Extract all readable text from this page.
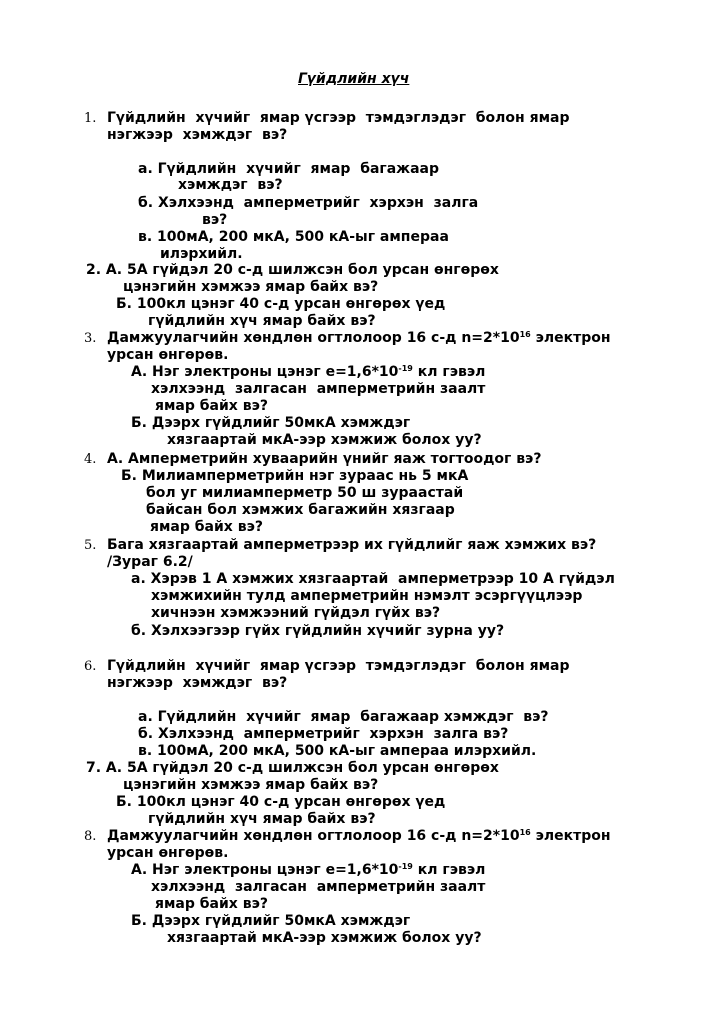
Гүйдлийн хүч
1. Гүйдлийн  хүчийг  ямар үсгээр  тэмдэглэдэг  болон ямар
нэгжээр  хэмждэг  вэ?
а. Гүйдлийн  хүчийг  ямар  багажаар
хэмждэг  вэ?
б. Хэлхээнд  амперметрийг  хэрхэн  залга
вэ?
в. 100мА, 200 мкА, 500 кА-ыг ампераа
илэрхийл.
2. А. 5А гүйдэл 20 с-д шилжсэн бол урсан өнгөрөх
цэнэгийн хэмжээ ямар байх вэ?
Б. 100кл цэнэг 40 с-д урсан өнгөрөх үед
гүйдлийн хүч ямар байх вэ?
3. Дамжуулагчийн хөндлөн огтлолоор 16 с-д $n=2*10^{16}$ электрон
урсан өнгөрөв.
А. Нэг электроны цэнэг $е=1,6*10^{-19}$ кл гэвэл
хэлхээнд  залгасан  амперметрийн заалт
ямар байх вэ?
Б. Дээрх гүйдлийг 50мкА хэмждэг
хязгаартай мкА-ээр хэмжиж болох уу?
4. А. Амперметрийн хуваарийн үнийг яаж тогтоодог вэ?
Б. Милиамперметрийн нэг зураас нь 5 мкА
бол уг милиамперметр 50 ш зураастай
байсан бол хэмжих багажийн хязгаар
ямар байх вэ?
5. Бага хязгаартай амперметрээр их гүйдлийг яаж хэмжих вэ?
/Зураг 6.2/
а. Хэрэв 1 А хэмжих хязгаартай  амперметрээр 10 А гүйдэл
хэмжихийн тулд амперметрийн нэмэлт эсэргүүцлээр
хичнээн хэмжээний гүйдэл гүйх вэ?
б. Хэлхээгээр гүйх гүйдлийн хүчийг зурна уу?
6. Гүйдлийн  хүчийг  ямар үсгээр  тэмдэглэдэг  болон ямар
нэгжээр  хэмждэг  вэ?
а. Гүйдлийн  хүчийг  ямар  багажаар хэмждэг  вэ?
б. Хэлхээнд  амперметрийг  хэрхэн  залга вэ?
в. 100мА, 200 мкА, 500 кА-ыг ампераа илэрхийл.
7. А. 5А гүйдэл 20 с-д шилжсэн бол урсан өнгөрөх
цэнэгийн хэмжээ ямар байх вэ?
Б. 100кл цэнэг 40 с-д урсан өнгөрөх үед
гүйдлийн хүч ямар байх вэ?
8. Дамжуулагчийн хөндлөн огтлолоор 16 с-д $n=2*10^{16}$ электрон
урсан өнгөрөв.
А. Нэг электроны цэнэг $е=1,6*10^{-19}$ кл гэвэл
хэлхээнд  залгасан  амперметрийн заалт
ямар байх вэ?
Б. Дээрх гүйдлийг 50мкА хэмждэг
хязгаартай мкА-ээр хэмжиж болох уу?
